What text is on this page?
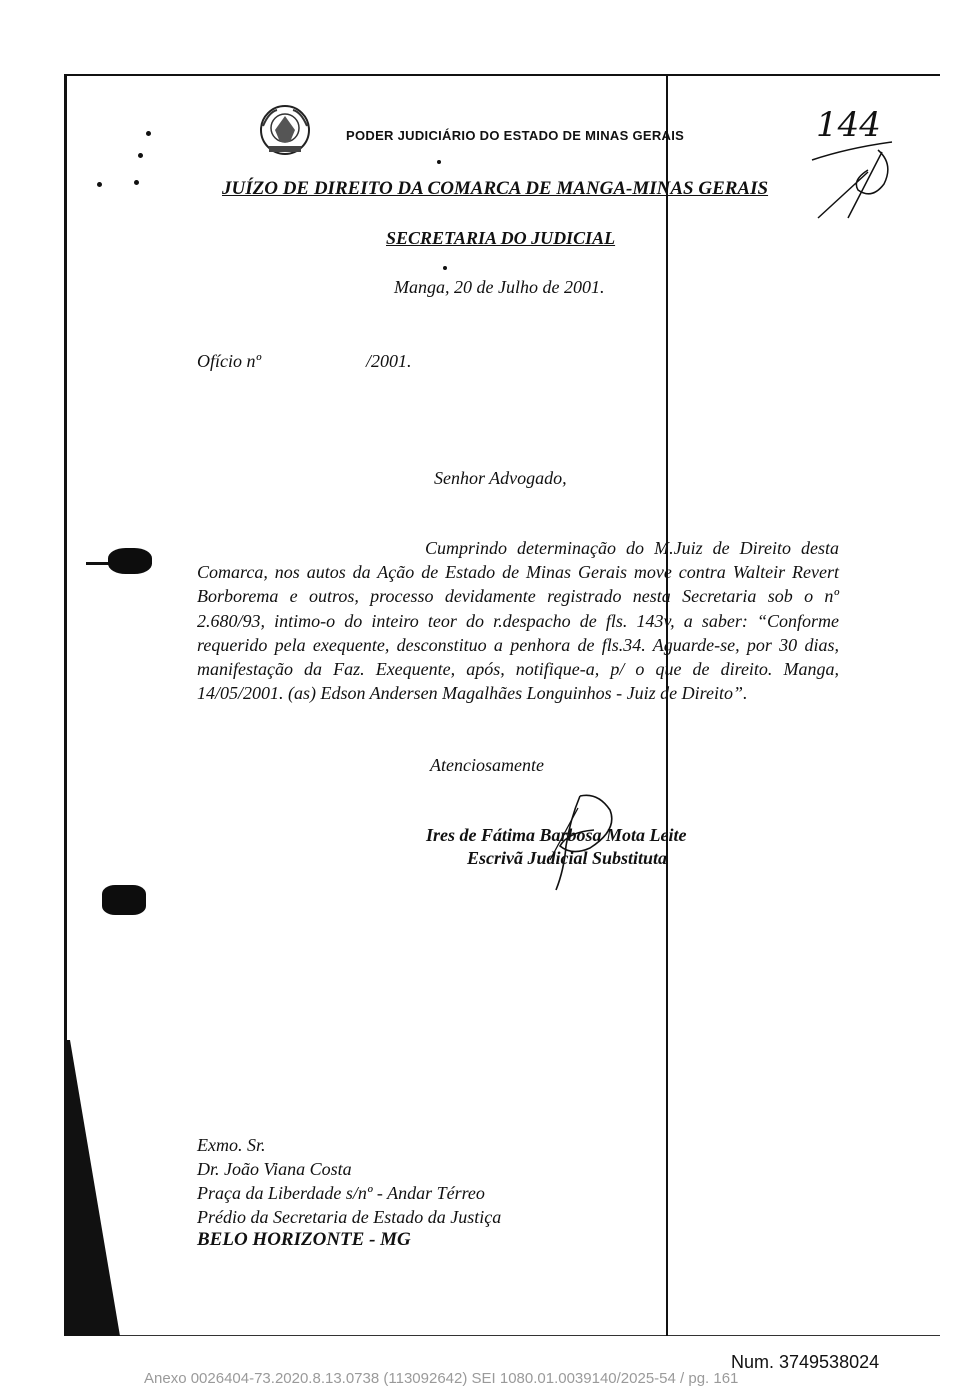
PODER JUDICIÁRIO DO ESTADO DE MINAS GERAIS
JUÍZO DE DIREITO DA COMARCA DE MANGA-MINAS GERAIS
SECRETARIA DO JUDICIAL
Manga, 20 de Julho de 2001.
144
Ofício nº	/2001.
Senhor Advogado,
Cumprindo determinação do M.Juiz de Direito desta Comarca, nos autos da Ação de Estado de Minas Gerais move contra Walteir Revert Borborema e outros, processo devidamente registrado nesta Secretaria sob o nº 2.680/93, intimo-o do inteiro teor do r.despacho de fls. 143v, a saber: “Conforme requerido pela exequente, desconstituo a penhora de fls.34. Aguarde-se, por 30 dias, manifestação da Faz. Exequente, após, notifique-a, p/ o que de direito. Manga, 14/05/2001. (as) Edson Andersen Magalhães Longuinhos - Juiz de Direito”.
Atenciosamente
Ires de Fátima Barbosa Mota Leite
Escrivã Judicial Substituta
Exmo. Sr.
Dr. João Viana Costa
Praça da Liberdade s/nº - Andar Térreo
Prédio da Secretaria de Estado da Justiça
BELO HORIZONTE - MG
Num. 3749538024
Anexo 0026404-73.2020.8.13.0738 (113092642) SEI 1080.01.0039140/2025-54 / pg. 161
